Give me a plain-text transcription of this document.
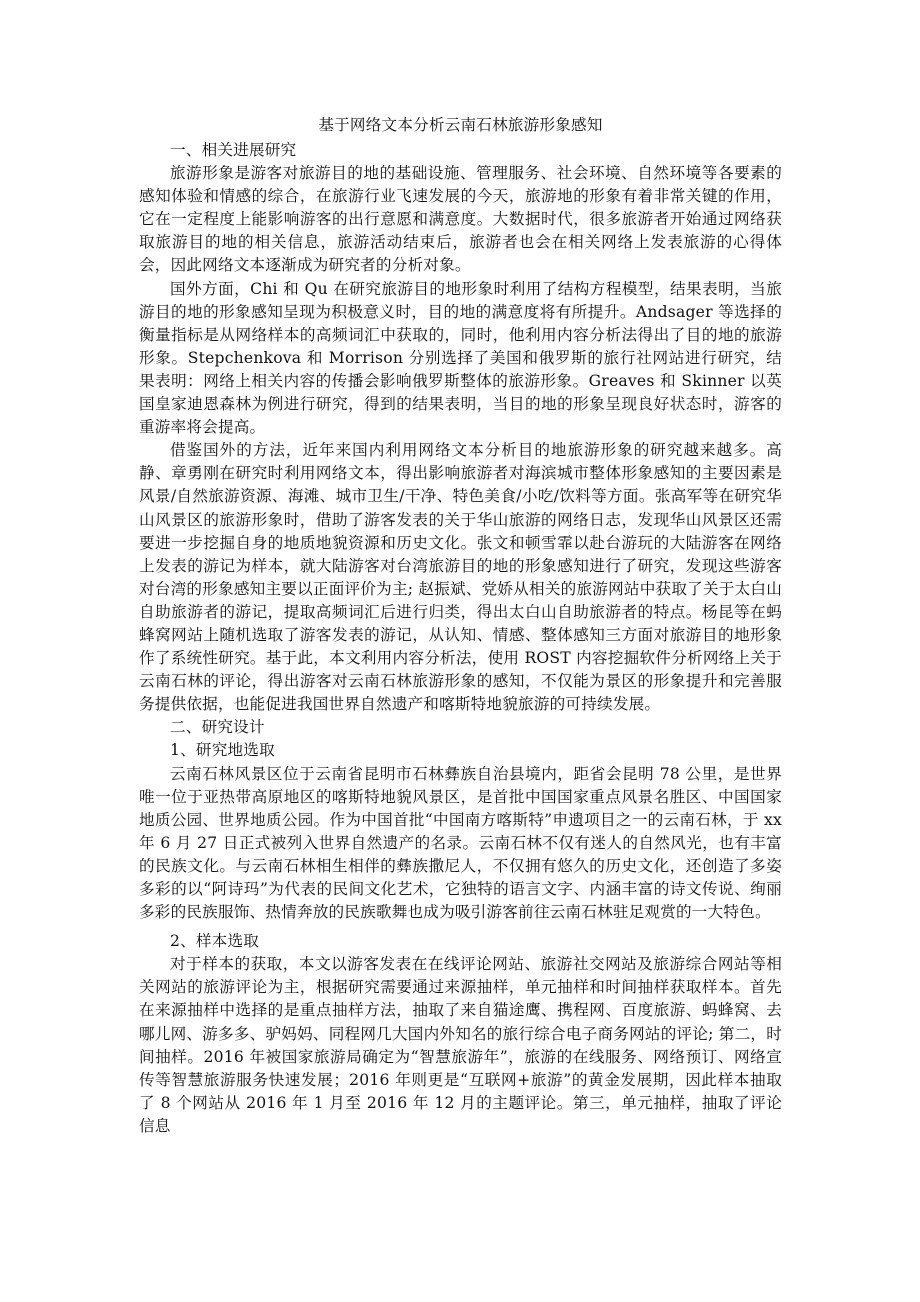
基于网络文本分析云南石林旅游形象感知

一、相关进展研究

旅游形象是游客对旅游目的地的基础设施、管理服务、社会环境、自然环境等各要素的感知体验和情感的综合，在旅游行业飞速发展的今天，旅游地的形象有着非常关键的作用，它在一定程度上能影响游客的出行意愿和满意度。大数据时代，很多旅游者开始通过网络获取旅游目的地的相关信息，旅游活动结束后，旅游者也会在相关网络上发表旅游的心得体会，因此网络文本逐渐成为研究者的分析对象。

国外方面，Chi 和 Qu 在研究旅游目的地形象时利用了结构方程模型，结果表明，当旅游目的地的形象感知呈现为积极意义时，目的地的满意度将有所提升。Andsager 等选择的衡量指标是从网络样本的高频词汇中获取的，同时，他利用内容分析法得出了目的地的旅游形象。Stepchenkova 和 Morrison 分别选择了美国和俄罗斯的旅行社网站进行研究，结果表明：网络上相关内容的传播会影响俄罗斯整体的旅游形象。Greaves 和 Skinner 以英国皇家迪恩森林为例进行研究，得到的结果表明，当目的地的形象呈现良好状态时，游客的重游率将会提高。

借鉴国外的方法，近年来国内利用网络文本分析目的地旅游形象的研究越来越多。高静、章勇刚在研究时利用网络文本，得出影响旅游者对海滨城市整体形象感知的主要因素是风景/自然旅游资源、海滩、城市卫生/干净、特色美食/小吃/饮料等方面。张高军等在研究华山风景区的旅游形象时，借助了游客发表的关于华山旅游的网络日志，发现华山风景区还需要进一步挖掘自身的地质地貌资源和历史文化。张文和顿雪霏以赴台游玩的大陆游客在网络上发表的游记为样本，就大陆游客对台湾旅游目的地的形象感知进行了研究，发现这些游客对台湾的形象感知主要以正面评价为主; 赵振斌、党娇从相关的旅游网站中获取了关于太白山自助旅游者的游记，提取高频词汇后进行归类，得出太白山自助旅游者的特点。杨昆等在蚂蜂窝网站上随机选取了游客发表的游记，从认知、情感、整体感知三方面对旅游目的地形象作了系统性研究。基于此，本文利用内容分析法，使用 ROST 内容挖掘软件分析网络上关于云南石林的评论，得出游客对云南石林旅游形象的感知，不仅能为景区的形象提升和完善服务提供依据，也能促进我国世界自然遗产和喀斯特地貌旅游的可持续发展。

二、研究设计

1、研究地选取

云南石林风景区位于云南省昆明市石林彝族自治县境内，距省会昆明 78 公里，是世界唯一位于亚热带高原地区的喀斯特地貌风景区，是首批中国国家重点风景名胜区、中国国家地质公园、世界地质公园。作为中国首批“中国南方喀斯特”申遗项目之一的云南石林，于 xx 年 6 月 27 日正式被列入世界自然遗产的名录。云南石林不仅有迷人的自然风光，也有丰富的民族文化。与云南石林相生相伴的彝族撒尼人，不仅拥有悠久的历史文化，还创造了多姿多彩的以“阿诗玛”为代表的民间文化艺术，它独特的语言文字、内涵丰富的诗文传说、绚丽多彩的民族服饰、热情奔放的民族歌舞也成为吸引游客前往云南石林驻足观赏的一大特色。

2、样本选取

对于样本的获取，本文以游客发表在在线评论网站、旅游社交网站及旅游综合网站等相关网站的旅游评论为主，根据研究需要通过来源抽样，单元抽样和时间抽样获取样本。首先在来源抽样中选择的是重点抽样方法，抽取了来自猫途鹰、携程网、百度旅游、蚂蜂窝、去哪儿网、游多多、驴妈妈、同程网几大国内外知名的旅行综合电子商务网站的评论; 第二，时间抽样。2016 年被国家旅游局确定为“智慧旅游年”，旅游的在线服务、网络预订、网络宣传等智慧旅游服务快速发展；2016 年则更是“互联网+旅游”的黄金发展期，因此样本抽取了 8 个网站从 2016 年 1 月至 2016 年 12 月的主题评论。第三，单元抽样，抽取了评论信息
